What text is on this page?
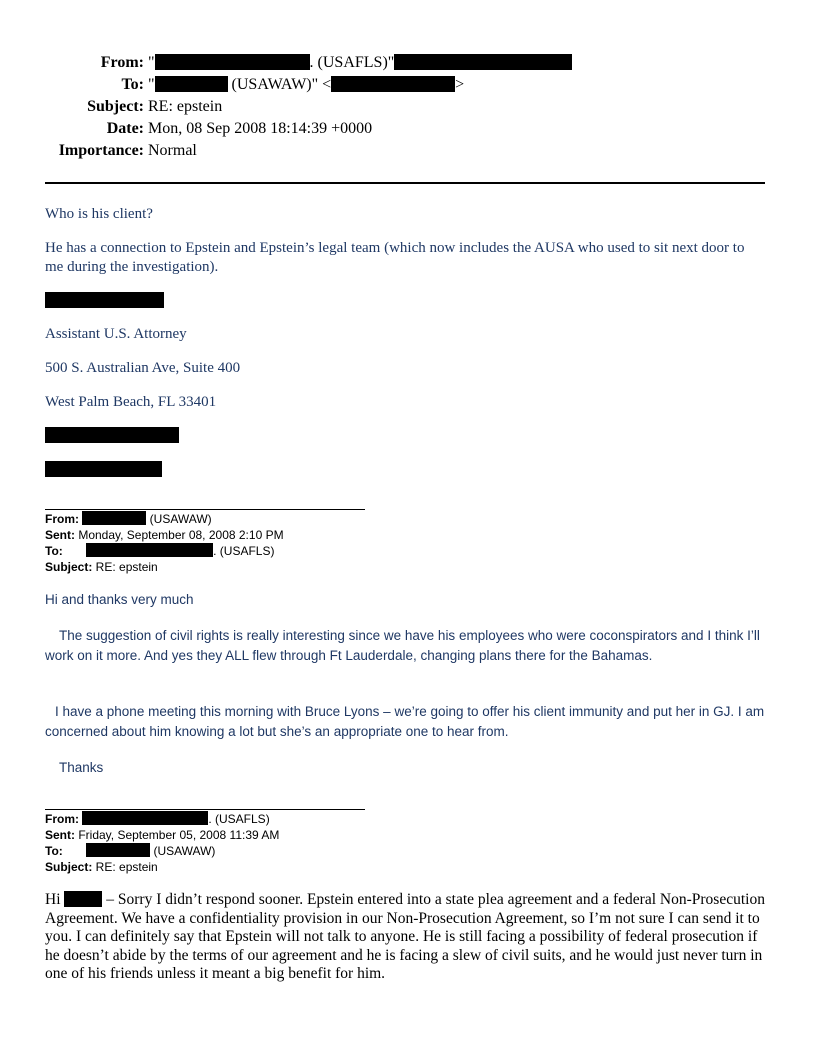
From: "	. (USAFLS)"
To: "	(USAWAW)" <	>
Subject: RE: epstein
Date: Mon, 08 Sep 2008 18:14:39 +0000
Importance: Normal
Who is his client?
He has a connection to Epstein and Epstein’s legal team (which now includes the AUSA who used to sit next door to me during the investigation).
Assistant U.S. Attorney
500 S. Australian Ave, Suite 400
West Palm Beach, FL 33401
From:	(USAWAW)
Sent: Monday, September 08, 2008 2:10 PM
To:	. (USAFLS)
Subject: RE: epstein
Hi and thanks very much
The suggestion of civil rights is really interesting since we have his employees who were coconspirators and I think I’ll work on it more. And yes they ALL flew through Ft Lauderdale, changing plans there for the Bahamas.
I have a phone meeting this morning with Bruce Lyons – we’re going to offer his client immunity and put her in GJ. I am concerned about him knowing a lot but she’s an appropriate one to hear from.
Thanks
From:	. (USAFLS)
Sent: Friday, September 05, 2008 11:39 AM
To:	(USAWAW)
Subject: RE: epstein
Hi	– Sorry I didn’t respond sooner. Epstein entered into a state plea agreement and a federal Non-Prosecution Agreement. We have a confidentiality provision in our Non-Prosecution Agreement, so I’m not sure I can send it to you. I can definitely say that Epstein will not talk to anyone. He is still facing a possibility of federal prosecution if he doesn’t abide by the terms of our agreement and he is facing a slew of civil suits, and he would just never turn in one of his friends unless it meant a big benefit for him.
